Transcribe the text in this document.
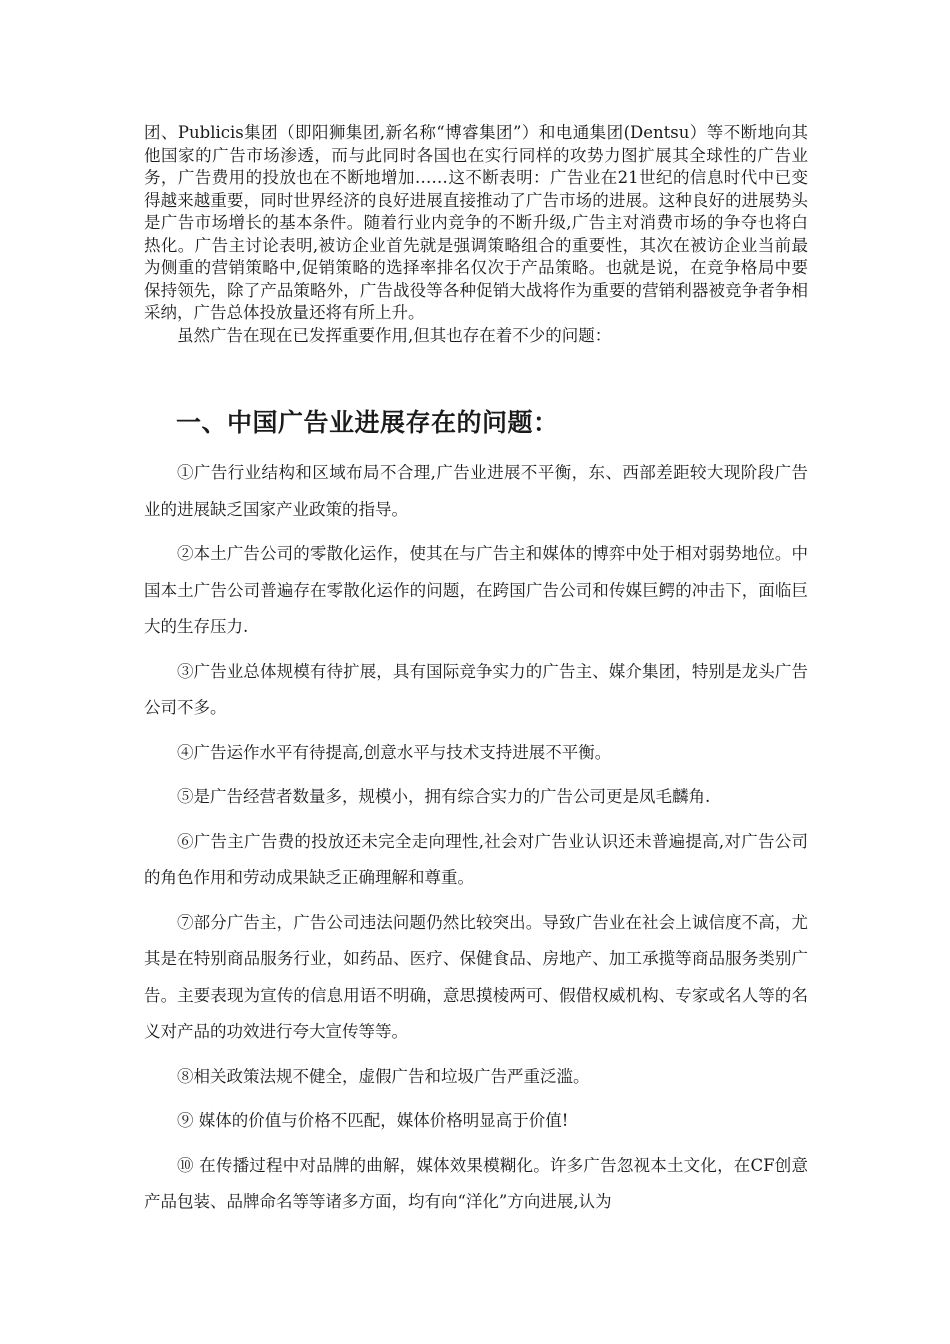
团、Publicis集团（即阳狮集团,新名称“博睿集团”）和电通集团(Dentsu）等不断地向其他国家的广告市场渗透，而与此同时各国也在实行同样的攻势力图扩展其全球性的广告业务，广告费用的投放也在不断地增加……这不断表明：广告业在21世纪的信息时代中已变得越来越重要，同时世界经济的良好进展直接推动了广告市场的进展。这种良好的进展势头是广告市场增长的基本条件。随着行业内竞争的不断升级,广告主对消费市场的争夺也将白热化。广告主讨论表明,被访企业首先就是强调策略组合的重要性，其次在被访企业当前最为侧重的营销策略中,促销策略的选择率排名仅次于产品策略。也就是说，在竞争格局中要保持领先，除了产品策略外，广告战役等各种促销大战将作为重要的营销利器被竞争者争相采纳，广告总体投放量还将有所上升。

虽然广告在现在已发挥重要作用,但其也存在着不少的问题：

一、中国广告业进展存在的问题：

①广告行业结构和区域布局不合理,广告业进展不平衡，东、西部差距较大现阶段广告业的进展缺乏国家产业政策的指导。

②本土广告公司的零散化运作，使其在与广告主和媒体的博弈中处于相对弱势地位。中国本土广告公司普遍存在零散化运作的问题，在跨国广告公司和传媒巨鳄的冲击下，面临巨大的生存压力.

③广告业总体规模有待扩展，具有国际竞争实力的广告主、媒介集团，特别是龙头广告公司不多。

④广告运作水平有待提高,创意水平与技术支持进展不平衡。

⑤是广告经营者数量多，规模小，拥有综合实力的广告公司更是凤毛麟角.

⑥广告主广告费的投放还未完全走向理性,社会对广告业认识还未普遍提高,对广告公司的角色作用和劳动成果缺乏正确理解和尊重。

⑦部分广告主，广告公司违法问题仍然比较突出。导致广告业在社会上诚信度不高，尤其是在特别商品服务行业，如药品、医疗、保健食品、房地产、加工承揽等商品服务类别广告。主要表现为宣传的信息用语不明确，意思摸棱两可、假借权威机构、专家或名人等的名义对产品的功效进行夸大宣传等等。

⑧相关政策法规不健全，虚假广告和垃圾广告严重泛滥。

⑨ 媒体的价值与价格不匹配，媒体价格明显高于价值!

⑩ 在传播过程中对品牌的曲解，媒体效果模糊化。许多广告忽视本土文化，在CF创意产品包装、品牌命名等等诸多方面，均有向“洋化”方向进展,认为
